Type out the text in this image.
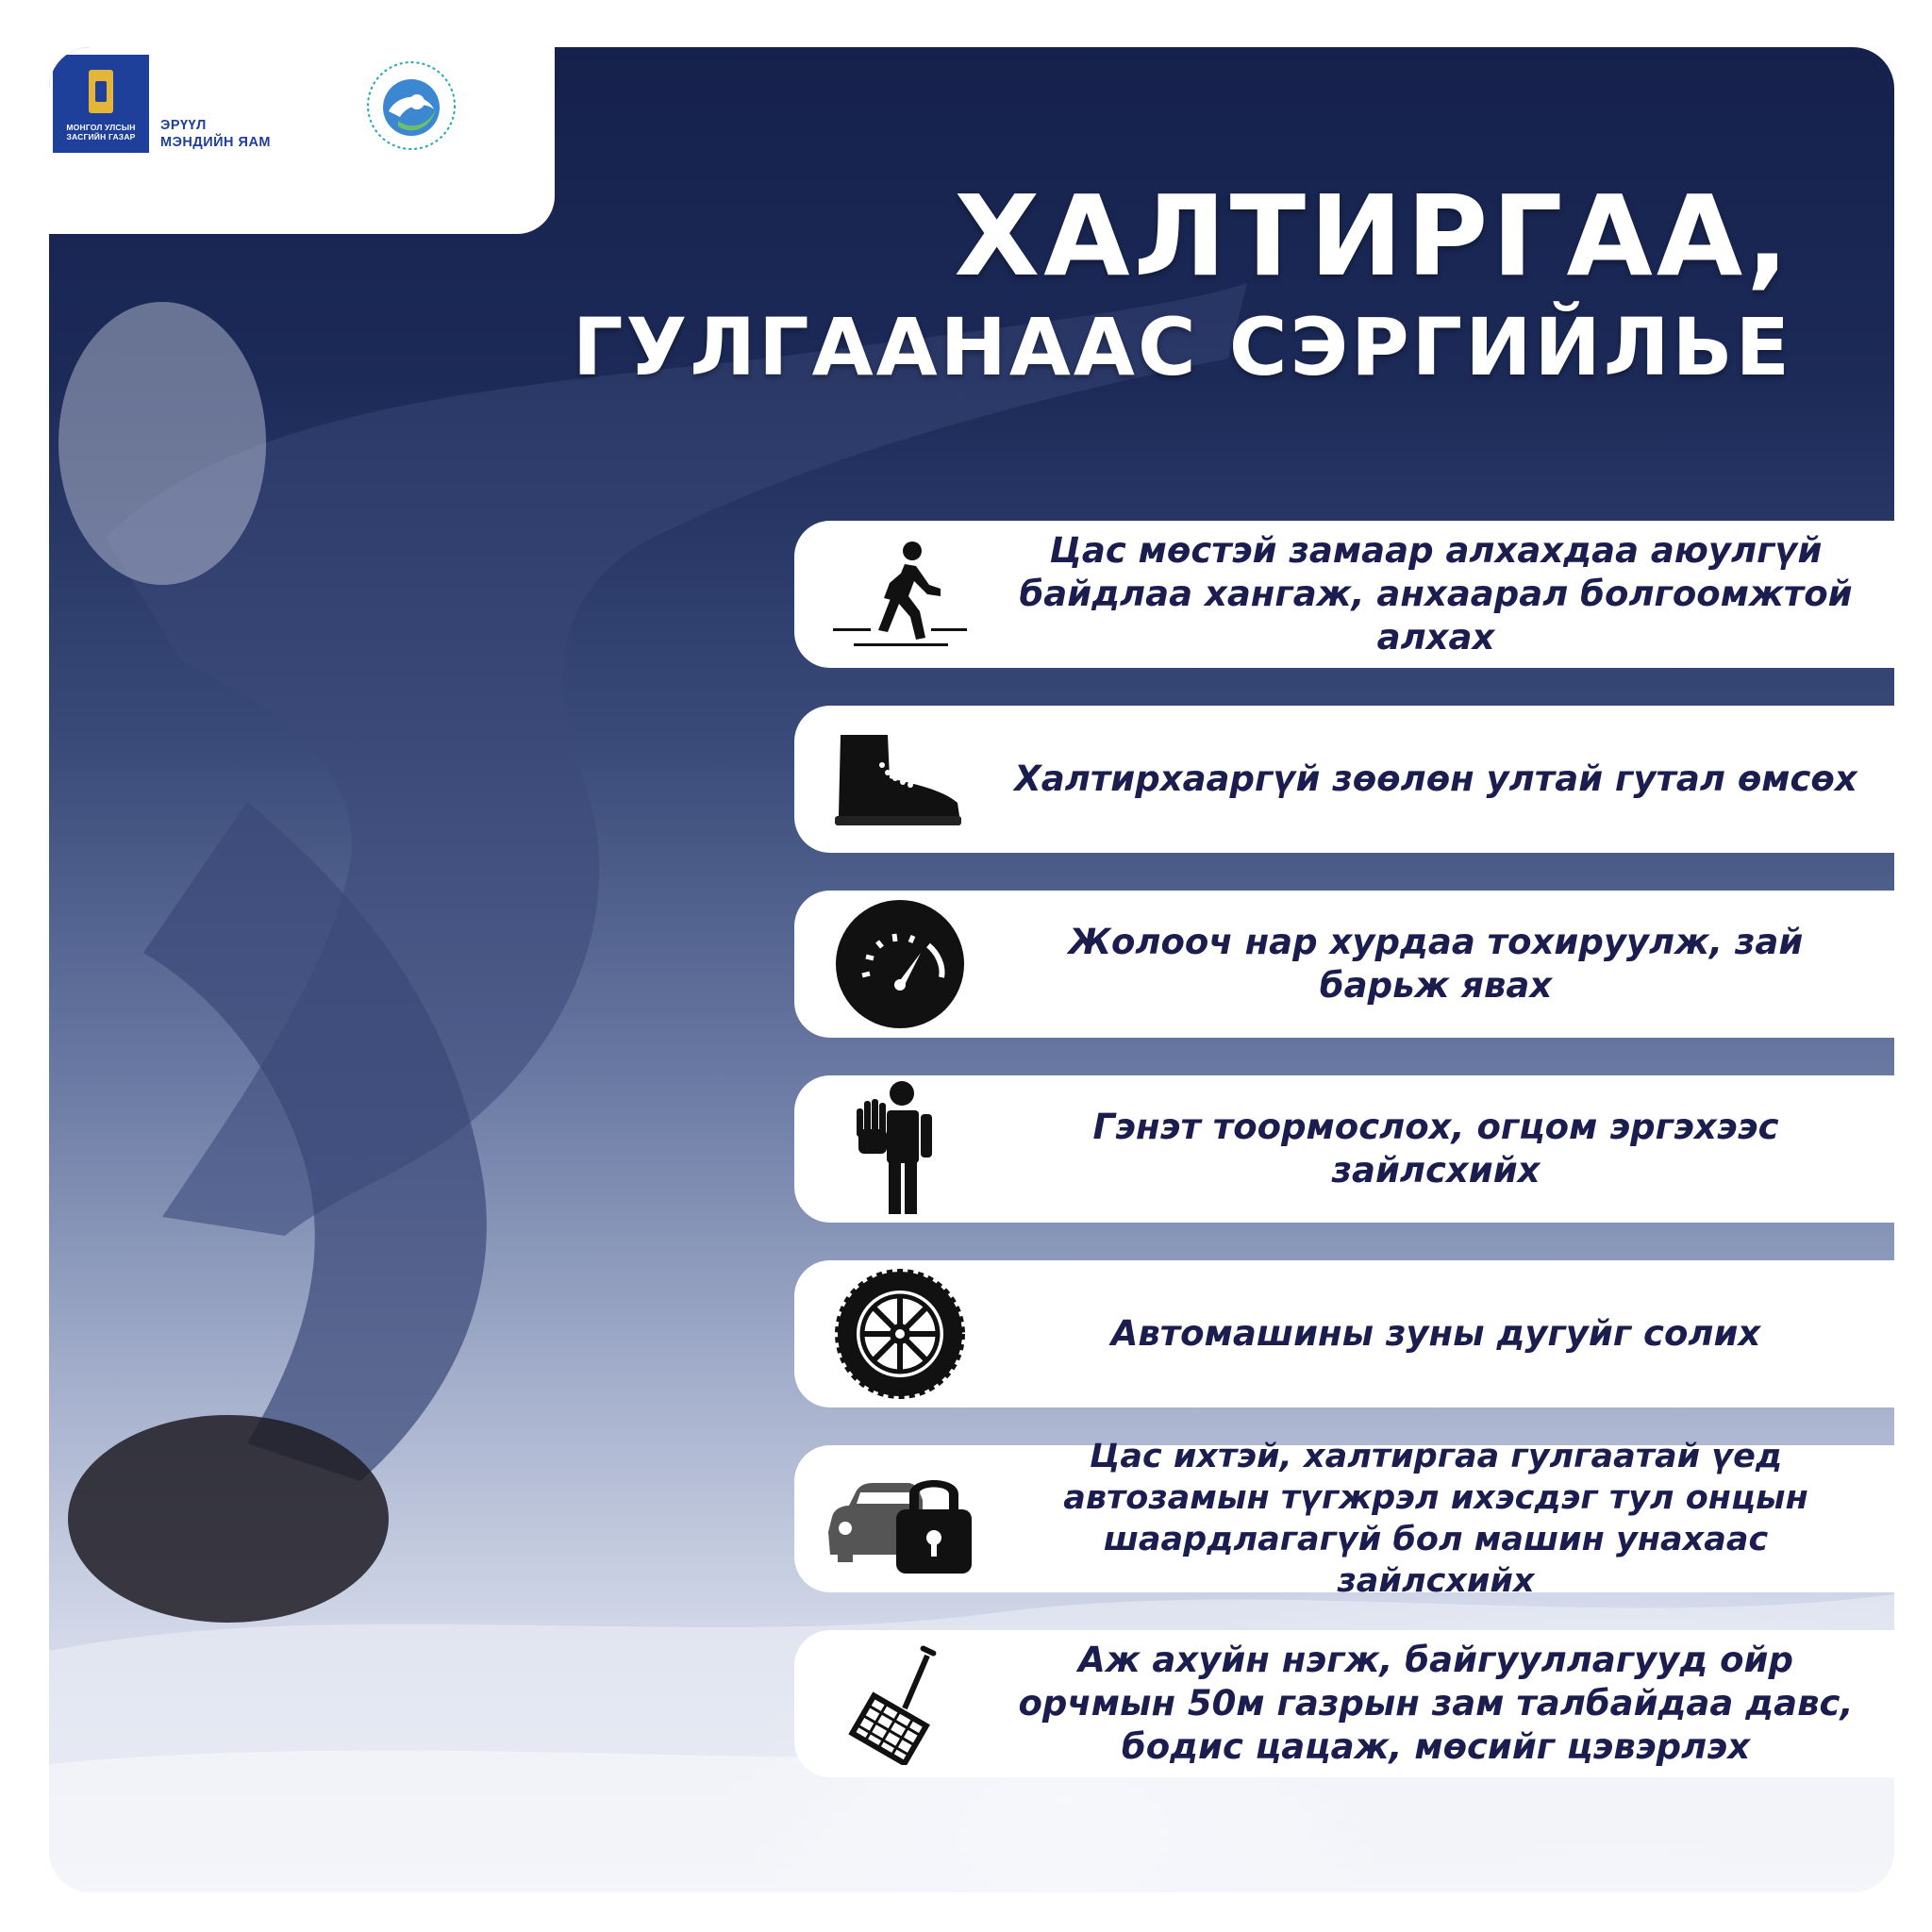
МОНГОЛ УЛСЫН
ЗАСГИЙН ГАЗАР
ЭРҮҮЛ
МЭНДИЙН ЯАМ
ХАЛТИРГАА,
ГУЛГААНААС СЭРГИЙЛЬЕ
Цас мөстэй замаар алхахдаа аюулгүй байдлаа хангаж, анхаарал болгоомжтой алхах
Халтирхааргүй зөөлөн ултай гутал өмсөх
Жолооч нар хурдаа тохируулж, зай барьж явах
Гэнэт тоормослох, огцом эргэхээс зайлсхийх
Автомашины зуны дугуйг солих
Цас ихтэй, халтиргаа гулгаатай үед автозамын түгжрэл ихэсдэг тул онцын шаардлагагүй бол машин унахаас зайлсхийх
Аж ахуйн нэгж, байгууллагууд ойр орчмын 50м газрын зам талбайдаа давс, бодис цацаж, мөсийг цэвэрлэх
